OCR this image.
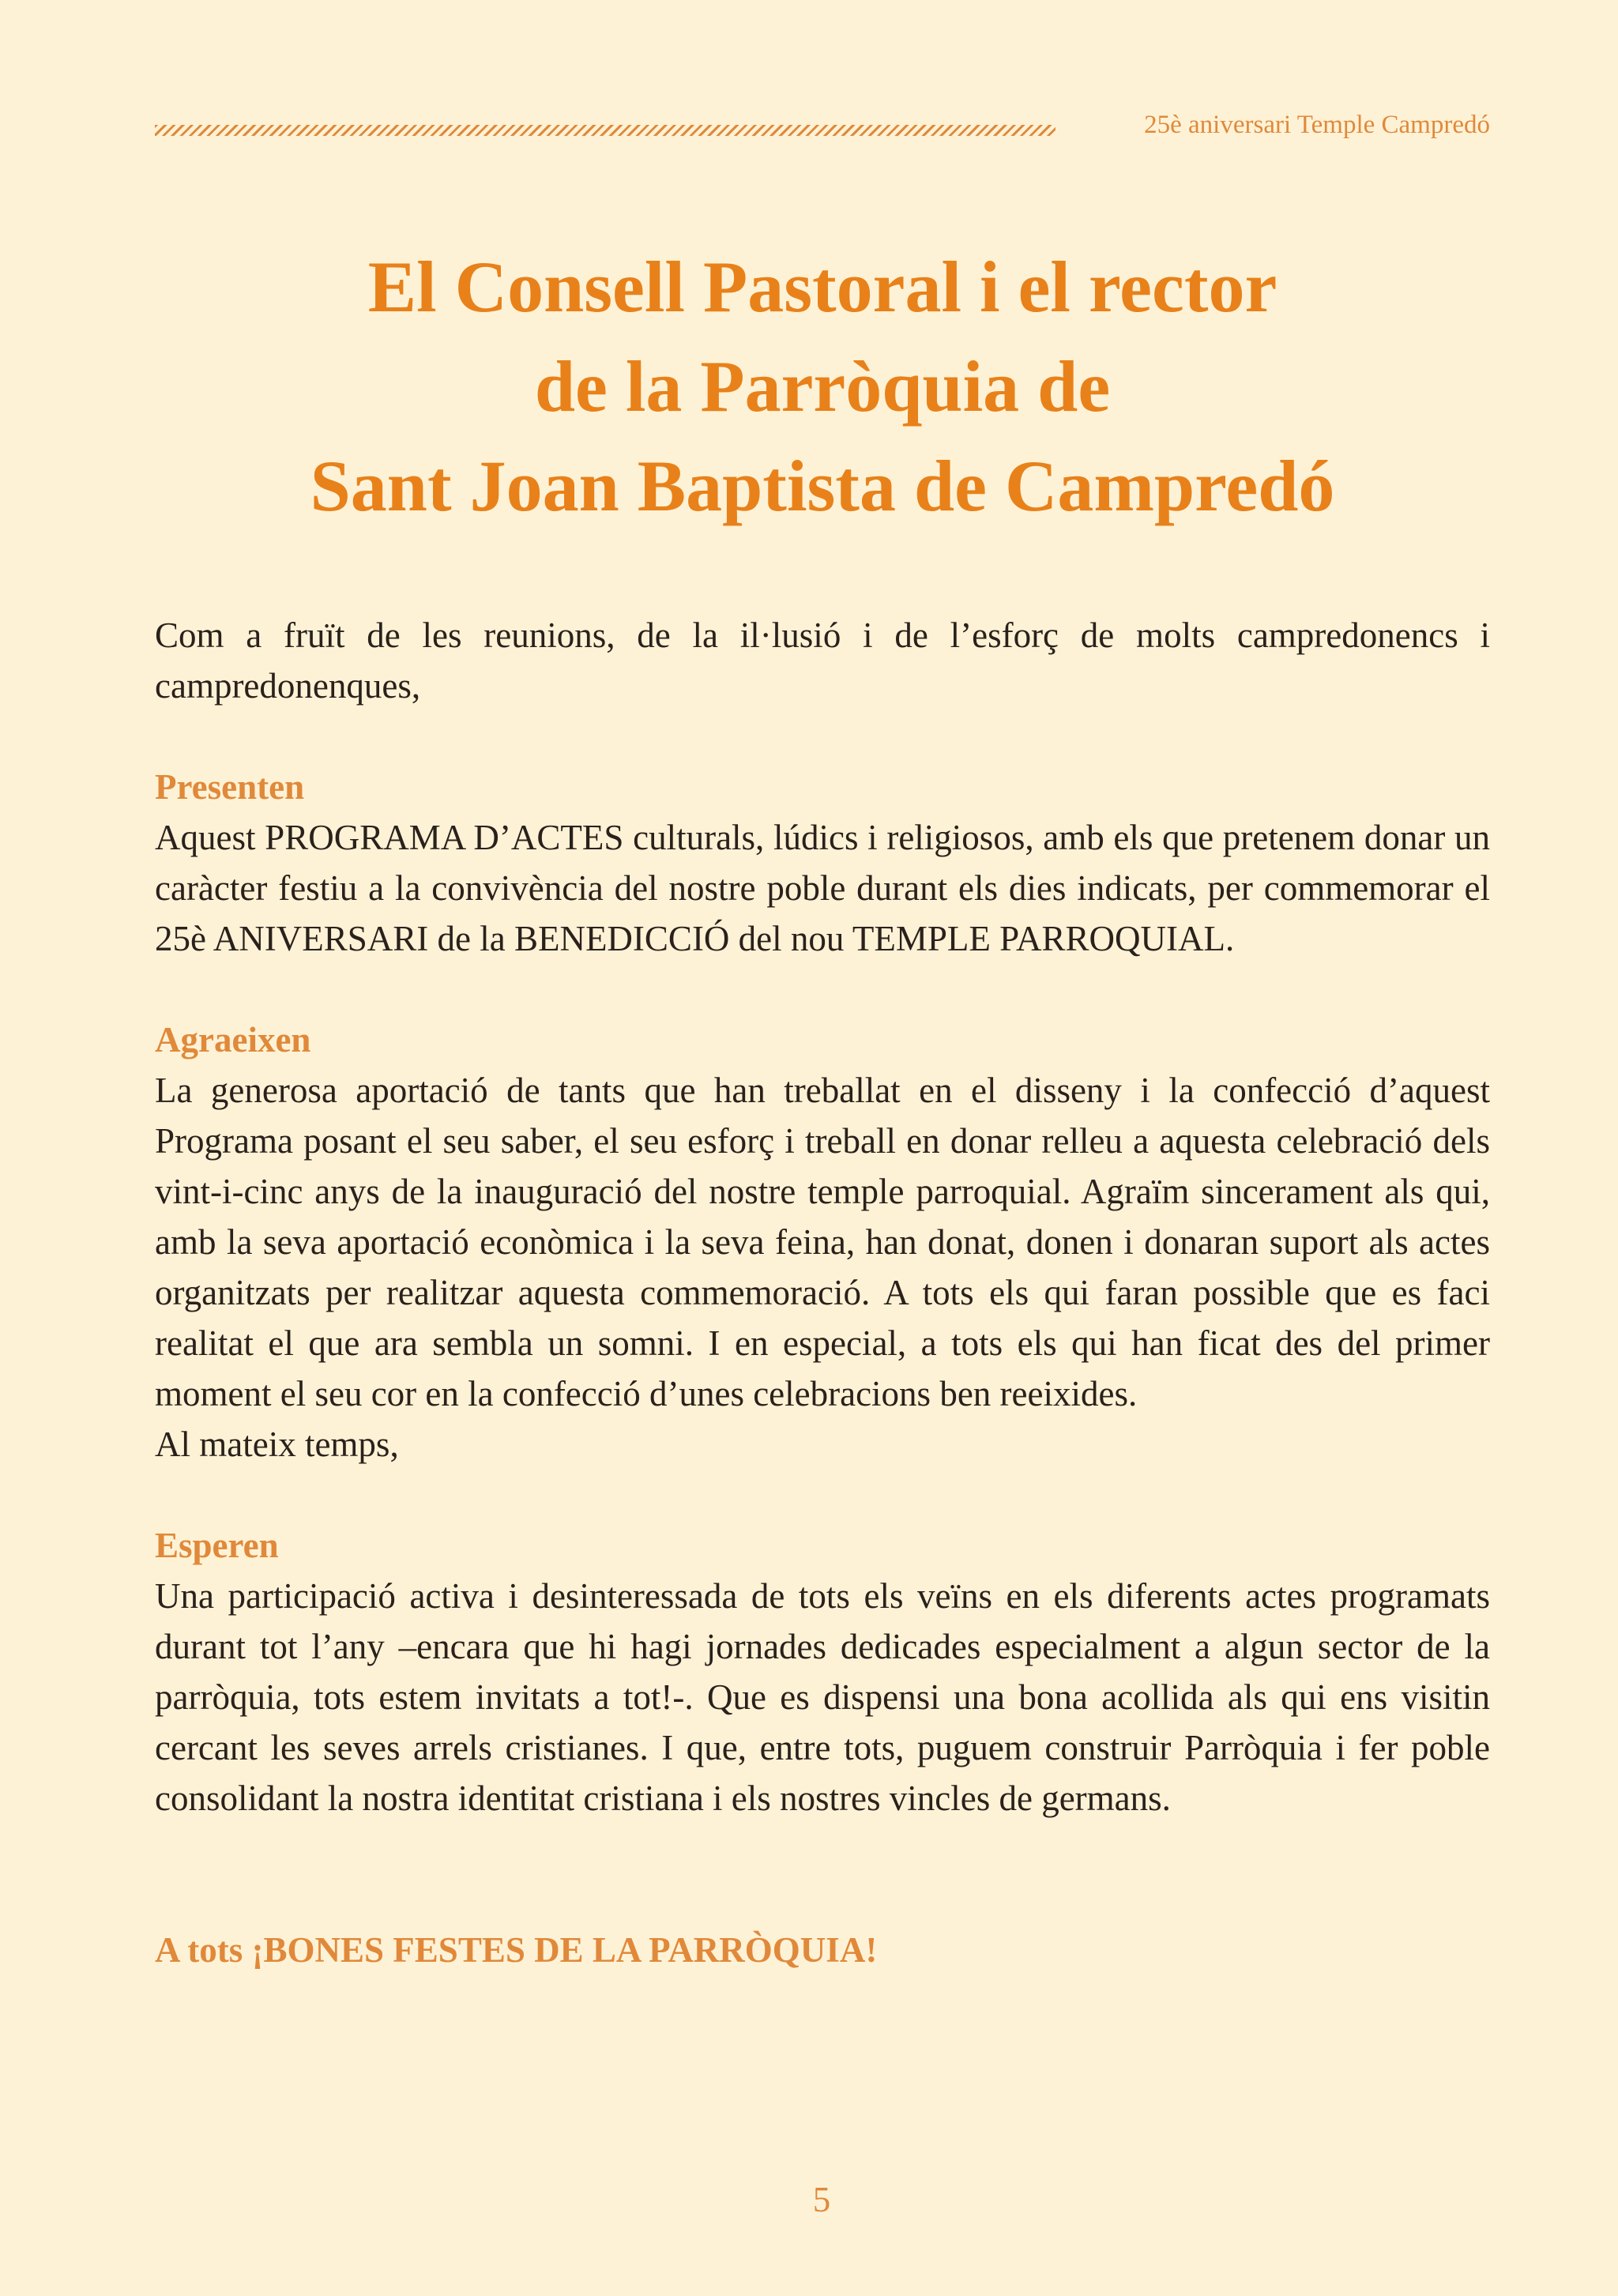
25è aniversari Temple Campredó
El Consell Pastoral i el rector
de la Parròquia de
Sant Joan Baptista de Campredó

Com a fruït de les reunions, de la il·lusió i de l’esforç de molts campredonencs i campredonenques,

Presenten

Aquest PROGRAMA D’ACTES culturals, lúdics i religiosos, amb els que pretenem donar un caràcter festiu a la convivència del nostre poble durant els dies indicats, per commemorar el 25è ANIVERSARI de la BENEDICCIÓ del nou TEMPLE PARROQUIAL.

Agraeixen

La generosa aportació de tants que han treballat en el disseny i la confecció d’aquest Programa posant el seu saber, el seu esforç i treball en donar relleu a aquesta celebració dels vint-i-cinc anys de la inauguració del nostre temple parroquial. Agraïm sincerament als qui, amb la seva aportació econòmica i la seva feina, han donat, donen i donaran suport als actes organitzats per realitzar aquesta commemoració. A tots els qui faran possible que es faci realitat el que ara sembla un somni. I en especial, a tots els qui han ficat des del primer moment el seu cor en la confecció d’unes celebracions ben reeixides.

Al mateix temps,

Esperen

Una participació activa i desinteressada de tots els veïns en els diferents actes programats durant tot l’any –encara que hi hagi jornades dedicades especialment a algun sector de la parròquia, tots estem invitats a tot!-. Que es dispensi una bona acollida als qui ens visitin cercant les seves arrels cristianes. I que, entre tots, puguem construir Parròquia i fer poble consolidant la nostra identitat cristiana i els nostres vincles de germans.

A tots ¡BONES FESTES DE LA PARRÒQUIA!

5
